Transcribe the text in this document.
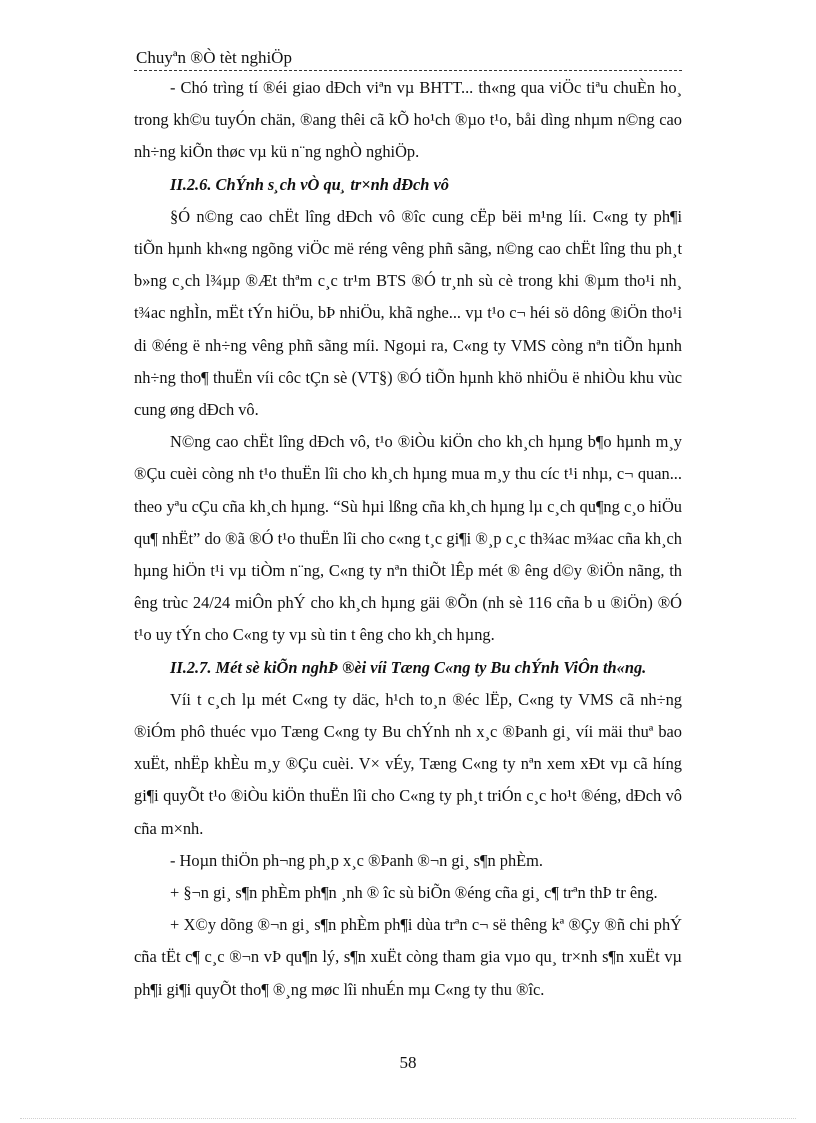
Chuyªn ®Ò tèt nghiÖp

- Chó trìng tí ®éi giao dÐch viªn vµ BHTT... th«ng qua viÖc tiªu chuÈn ho¸ trong kh©u tuyÓn chän, ®ang thêi cã kÕ ho¹ch ®µo t¹o, båi dìng nhµm n©ng cao nh÷ng kiÕn thøc vµ kü n¨ng nghÒ nghiÖp.

II.2.6. ChÝnh s¸ch vÒ qu¸ tr×nh dÐch vô

§Ó n©ng cao chËt lîng dÐch vô ®îc cung cËp bëi m¹ng líi. C«ng ty ph¶i tiÕn hµnh kh«ng ngõng viÖc më réng vêng phñ sãng, n©ng cao chËt lîng thu ph¸t b»ng c¸ch l¾µp ®Æt thªm c¸c tr¹m BTS ®Ó tr¸nh sù cè trong khi ®µm tho¹i nh¸ t¾ac nghÌn, mËt tÝn hiÖu, bÞ nhiÖu, khã nghe... vµ t¹o c¬ héi sö dông ®iÖn tho¹i di ®éng ë nh÷ng vêng phñ sãng míi. Ngoµi ra, C«ng ty VMS còng nªn tiÕn hµnh nh÷ng tho¶ thuËn víi côc tÇn sè (VT§) ®Ó tiÕn hµnh khö nhiÖu ë nhiÒu khu vùc cung øng dÐch vô.

N©ng cao chËt lîng dÐch vô, t¹o ®iÒu kiÖn cho kh¸ch hµng b¶o hµnh m¸y ®Çu cuèi còng nh t¹o thuËn lîi cho kh¸ch hµng mua m¸y thu cíc t¹i nhµ, c¬ quan... theo yªu cÇu cña kh¸ch hµng. “Sù hµi lßng cña kh¸ch hµng lµ c¸ch qu¶ng c¸o hiÖu qu¶ nhËt” do ®ã ®Ó t¹o thuËn lîi cho c«ng t¸c gi¶i ®¸p c¸c th¾ac m¾ac cña kh¸ch hµng hiÖn t¹i vµ tiÒm n¨ng, C«ng ty nªn thiÕt lÊp mét ® êng d©y ®iÖn nãng, th êng trùc 24/24 miÔn phÝ cho kh¸ch hµng gäi ®Õn (nh sè 116 cña b u ®iÖn) ®Ó t¹o uy tÝn cho C«ng ty vµ sù tin t êng cho kh¸ch hµng.

II.2.7. Mét sè kiÕn nghÞ ®èi víi Tæng C«ng ty Bu chÝnh ViÔn th«ng.

Víi t c¸ch lµ mét C«ng ty däc, h¹ch to¸n ®éc lËp, C«ng ty VMS cã nh÷ng ®iÓm phô thuéc vµo Tæng C«ng ty Bu chÝnh nh x¸c ®Þanh gi¸ víi mäi thuª bao xuËt, nhËp khÈu m¸y ®Çu cuèi. V× vÉy, Tæng C«ng ty nªn xem xÐt vµ cã híng gi¶i quyÕt t¹o ®iÒu kiÖn thuËn lîi cho C«ng ty ph¸t triÓn c¸c ho¹t ®éng, dÐch vô cña m×nh.

- Hoµn thiÖn ph¬ng ph¸p x¸c ®Þanh ®¬n gi¸ s¶n phÈm.

+ §¬n gi¸ s¶n phÈm ph¶n ¸nh ® îc sù biÕn ®éng cña gi¸ c¶ trªn thÞ tr êng.

+ X©y dõng ®¬n gi¸ s¶n phÈm ph¶i dùa trªn c¬ së thêng kª ®Çy ®ñ chi phÝ cña tËt c¶ c¸c ®¬n vÞ qu¶n lý, s¶n xuËt còng tham gia vµo qu¸ tr×nh s¶n xuËt vµ ph¶i gi¶i quyÕt tho¶ ®¸ng møc lîi nhuÉn mµ C«ng ty thu ®îc.

58
